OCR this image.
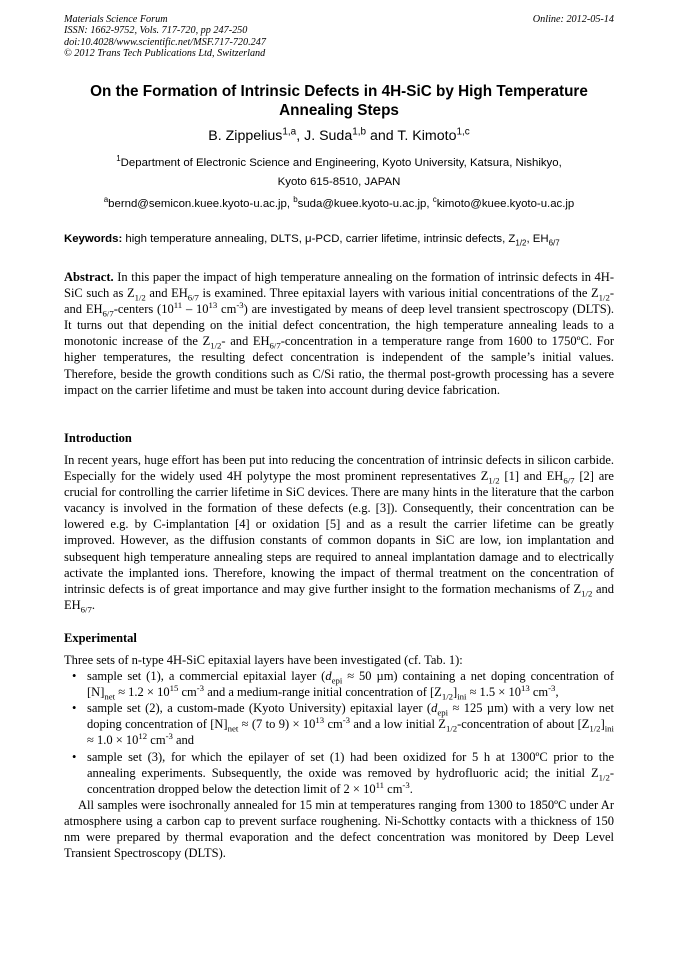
Materials Science Forum
ISSN: 1662-9752, Vols. 717-720, pp 247-250
doi:10.4028/www.scientific.net/MSF.717-720.247
© 2012 Trans Tech Publications Ltd, Switzerland
Online: 2012-05-14
On the Formation of Intrinsic Defects in 4H-SiC by High Temperature Annealing Steps
B. Zippelius$^{1,a}$, J. Suda$^{1,b}$ and T. Kimoto$^{1,c}$
$^1$Department of Electronic Science and Engineering, Kyoto University, Katsura, Nishikyo,
Kyoto 615-8510, JAPAN
$^a$bernd@semicon.kuee.kyoto-u.ac.jp, $^b$suda@kuee.kyoto-u.ac.jp, $^c$kimoto@kuee.kyoto-u.ac.jp
Keywords: high temperature annealing, DLTS, μ-PCD, carrier lifetime, intrinsic defects, $Z_{1/2}$, $EH_{6/7}$
Abstract. In this paper the impact of high temperature annealing on the formation of intrinsic defects in 4H-SiC such as $Z_{1/2}$ and $EH_{6/7}$ is examined. Three epitaxial layers with various initial concentrations of the $Z_{1/2}-$ and $EH_{6/7}$-centers ($10^{11} - 10^{13}$ $cm^{-3}$) are investigated by means of deep level transient spectroscopy (DLTS). It turns out that depending on the initial defect concentration, the high temperature annealing leads to a monotonic increase of the $Z_{1/2}-$ and $EH_{6/7}$-concentration in a temperature range from 1600 to 1750ºC. For higher temperatures, the resulting defect concentration is independent of the sample’s initial values. Therefore, beside the growth conditions such as C/Si ratio, the thermal post-growth processing has a severe impact on the carrier lifetime and must be taken into account during device fabrication.
Introduction
In recent years, huge effort has been put into reducing the concentration of intrinsic defects in silicon carbide. Especially for the widely used 4H polytype the most prominent representatives $Z_{1/2}$ [1] and $EH_{6/7}$ [2] are crucial for controlling the carrier lifetime in SiC devices. There are many hints in the literature that the carbon vacancy is involved in the formation of these defects (e.g. [3]). Consequently, their concentration can be lowered e.g. by C-implantation [4] or oxidation [5] and as a result the carrier lifetime can be greatly improved. However, as the diffusion constants of common dopants in SiC are low, ion implantation and subsequent high temperature annealing steps are required to anneal implantation damage and to electrically activate the implanted ions. Therefore, knowing the impact of thermal treatment on the concentration of intrinsic defects is of great importance and may give further insight to the formation mechanisms of $Z_{1/2}$ and $EH_{6/7}$.
Experimental
Three sets of n-type 4H-SiC epitaxial layers have been investigated (cf. Tab. 1):
• sample set (1), a commercial epitaxial layer ($d_{epi} \approx 50$ µm) containing a net doping concentration of $[N]_{net} \approx 1.2 \times 10^{15}$ $cm^{-3}$ and a medium-range initial concentration of $[Z_{1/2}]_{ini} \approx 1.5 \times 10^{13}$ $cm^{-3}$,
• sample set (2), a custom-made (Kyoto University) epitaxial layer ($d_{epi} \approx 125$ µm) with a very low net doping concentration of $[N]_{net} \approx (7$ to $9) \times 10^{13}$ $cm^{-3}$ and a low initial $Z_{1/2}$-concentration of about $[Z_{1/2}]_{ini} \approx 1.0 \times 10^{12}$ $cm^{-3}$ and
• sample set (3), for which the epilayer of set (1) had been oxidized for 5 h at 1300ºC prior to the annealing experiments. Subsequently, the oxide was removed by hydrofluoric acid; the initial $Z_{1/2}$-concentration dropped below the detection limit of $2 \times 10^{11}$ $cm^{-3}$.
All samples were isochronally annealed for 15 min at temperatures ranging from 1300 to 1850ºC under Ar atmosphere using a carbon cap to prevent surface roughening. Ni-Schottky contacts with a thickness of 150 nm were prepared by thermal evaporation and the defect concentration was monitored by Deep Level Transient Spectroscopy (DLTS).
